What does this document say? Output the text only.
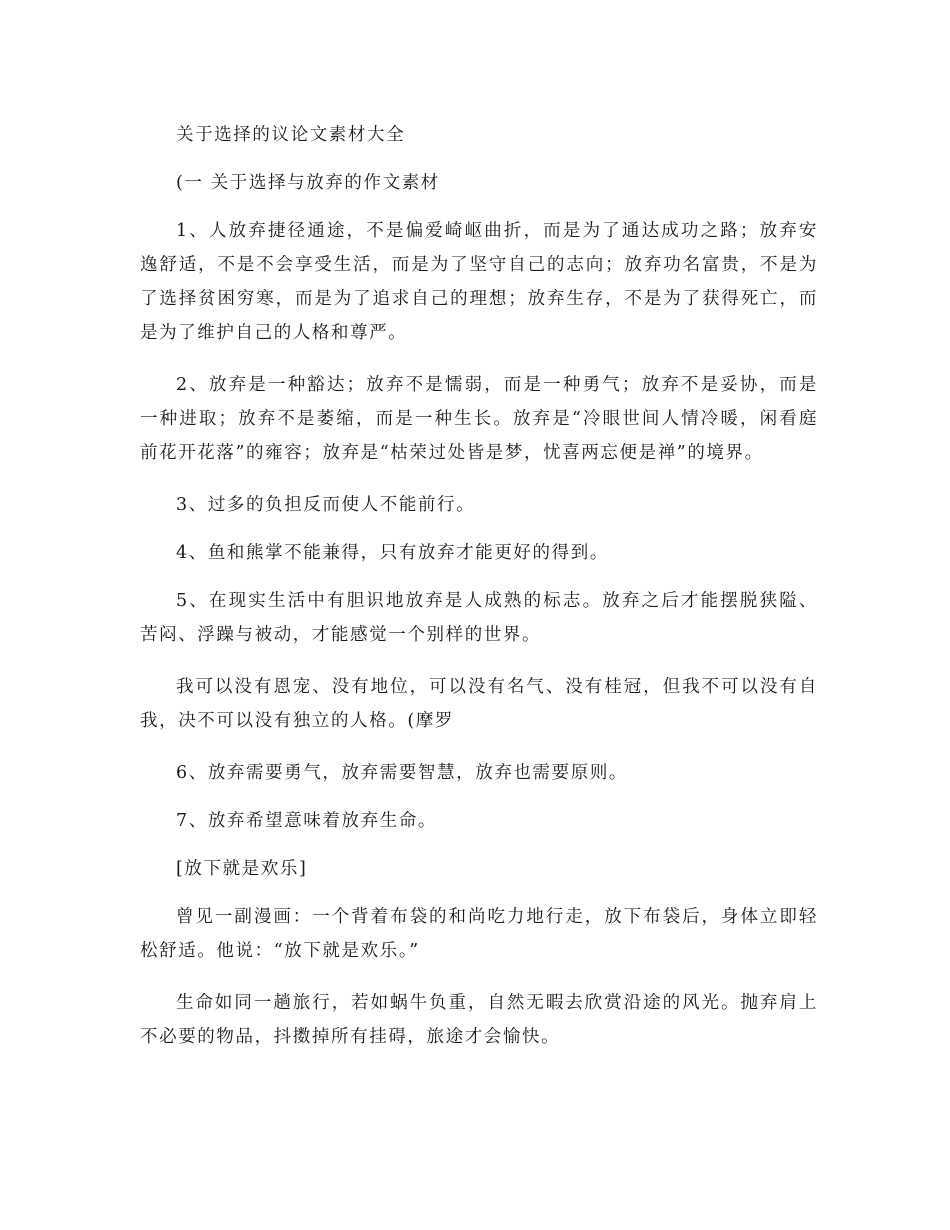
关于选择的议论文素材大全

(一 关于选择与放弃的作文素材

1、人放弃捷径通途，不是偏爱崎岖曲折，而是为了通达成功之路；放弃安逸舒适，不是不会享受生活，而是为了坚守自己的志向；放弃功名富贵，不是为了选择贫困穷寒，而是为了追求自己的理想；放弃生存，不是为了获得死亡，而是为了维护自己的人格和尊严。

2、放弃是一种豁达；放弃不是懦弱，而是一种勇气；放弃不是妥协，而是一种进取；放弃不是萎缩，而是一种生长。放弃是“冷眼世间人情冷暖，闲看庭前花开花落”的雍容；放弃是“枯荣过处皆是梦，忧喜两忘便是禅”的境界。

3、过多的负担反而使人不能前行。

4、鱼和熊掌不能兼得，只有放弃才能更好的得到。

5、在现实生活中有胆识地放弃是人成熟的标志。放弃之后才能摆脱狭隘、苦闷、浮躁与被动，才能感觉一个别样的世界。

我可以没有恩宠、没有地位，可以没有名气、没有桂冠，但我不可以没有自我，决不可以没有独立的人格。(摩罗

6、放弃需要勇气，放弃需要智慧，放弃也需要原则。

7、放弃希望意味着放弃生命。

[放下就是欢乐]

曾见一副漫画：一个背着布袋的和尚吃力地行走，放下布袋后，身体立即轻松舒适。他说：“放下就是欢乐。”

生命如同一趟旅行，若如蜗牛负重，自然无暇去欣赏沿途的风光。抛弃肩上不必要的物品，抖擞掉所有挂碍，旅途才会愉快。
